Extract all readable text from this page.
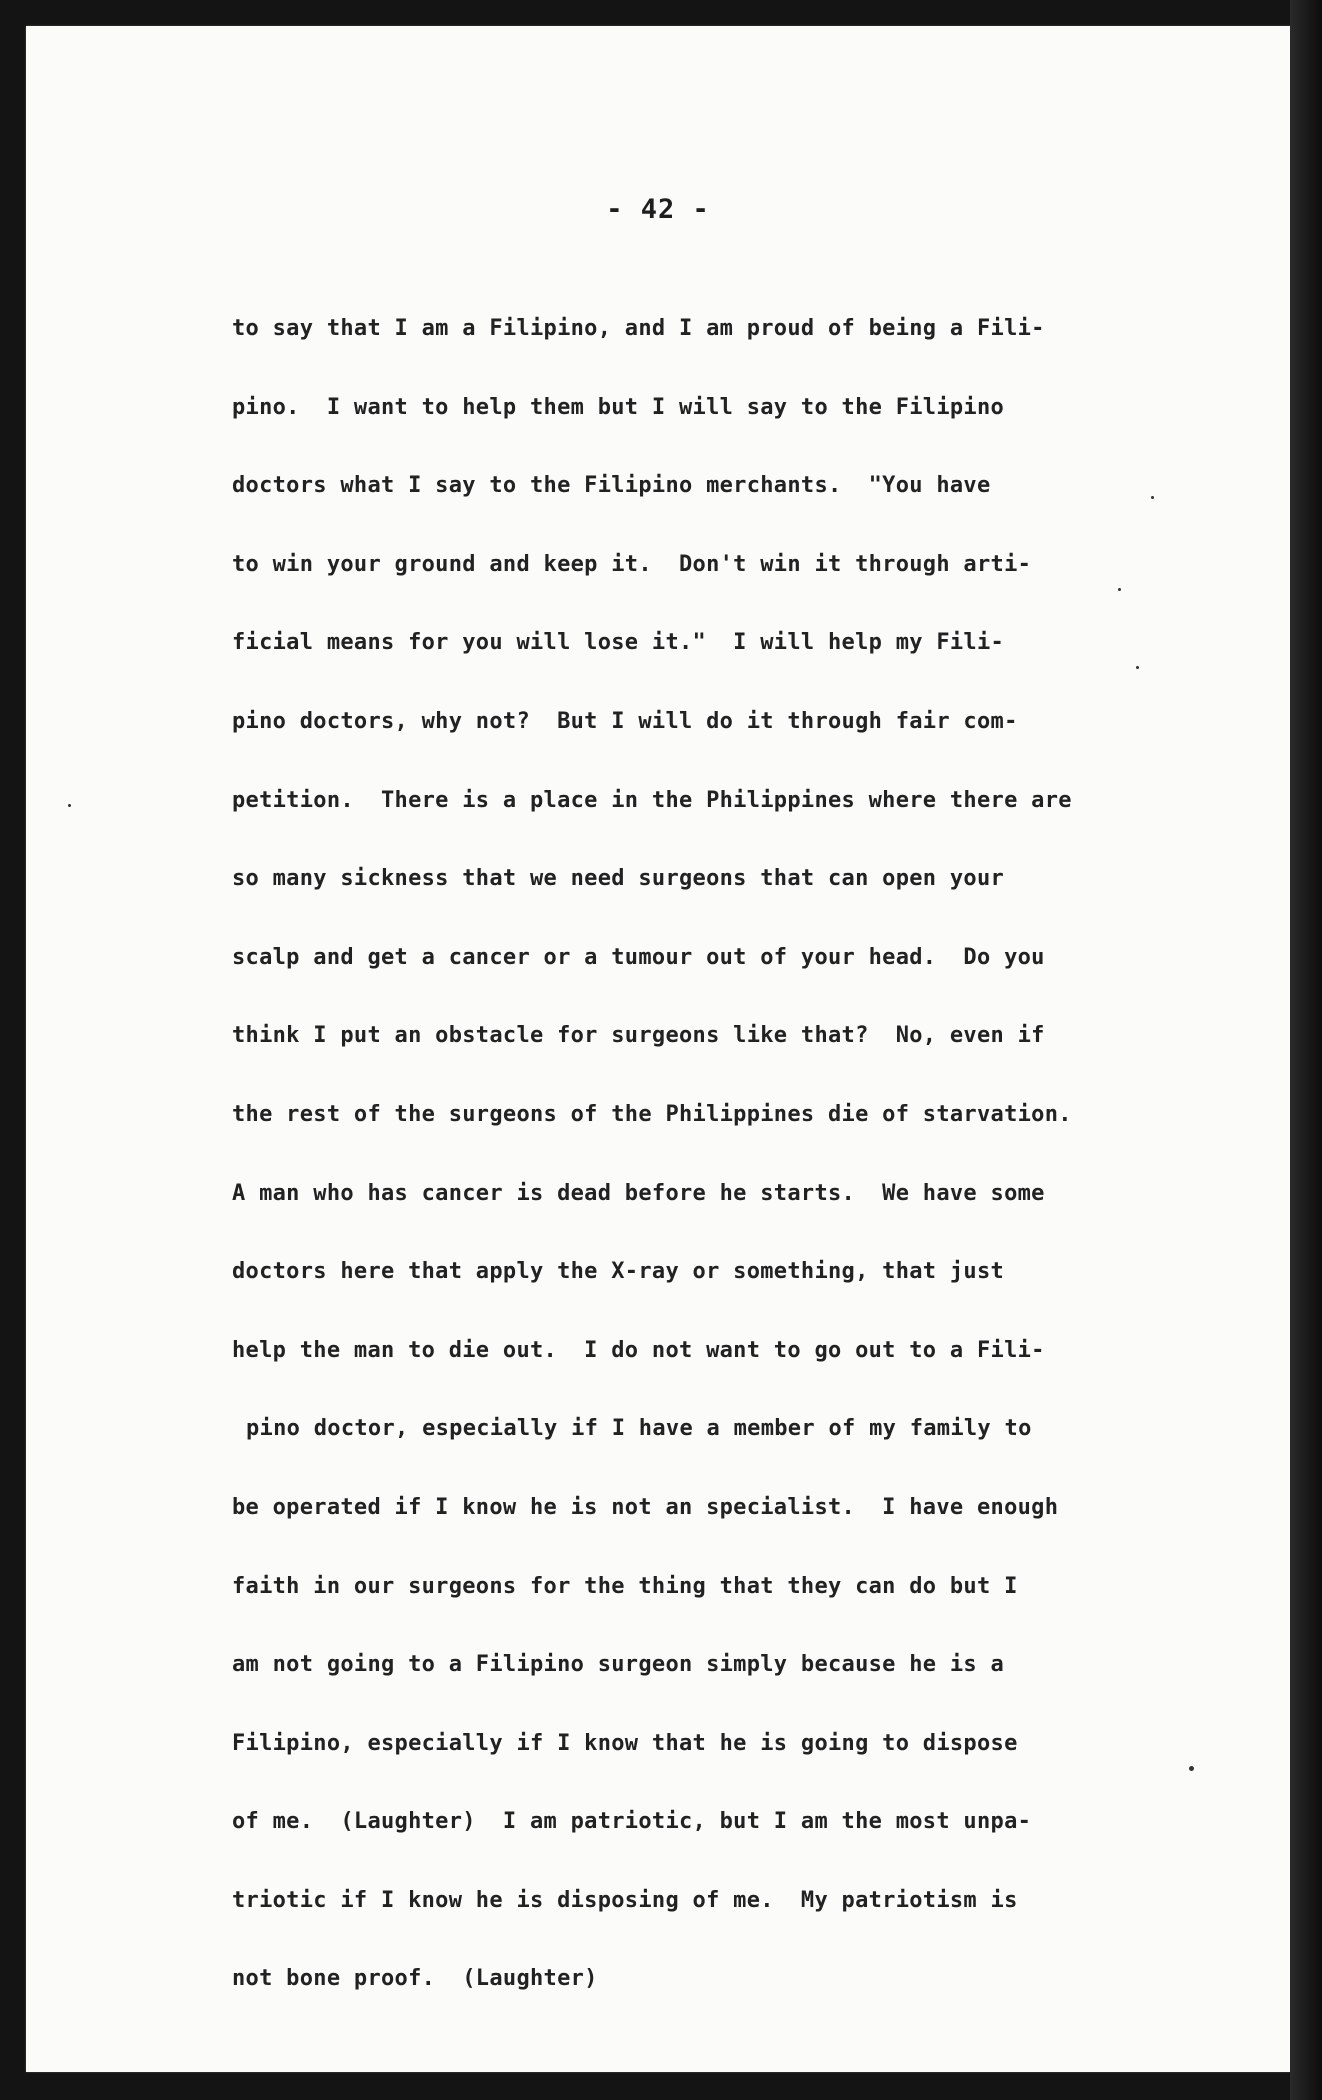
- 42 -
to say that I am a Filipino, and I am proud of being a Fili-
pino.  I want to help them but I will say to the Filipino
doctors what I say to the Filipino merchants.  "You have
to win your ground and keep it.  Don't win it through arti-
ficial means for you will lose it."  I will help my Fili-
pino doctors, why not?  But I will do it through fair com-
petition.  There is a place in the Philippines where there are
so many sickness that we need surgeons that can open your
scalp and get a cancer or a tumour out of your head.  Do you
think I put an obstacle for surgeons like that?  No, even if
the rest of the surgeons of the Philippines die of starvation.
A man who has cancer is dead before he starts.  We have some
doctors here that apply the X-ray or something, that just
help the man to die out.  I do not want to go out to a Fili-
pino doctor, especially if I have a member of my family to
be operated if I know he is not an specialist.  I have enough
faith in our surgeons for the thing that they can do but I
am not going to a Filipino surgeon simply because he is a
Filipino, especially if I know that he is going to dispose
of me.  (Laughter)  I am patriotic, but I am the most unpa-
triotic if I know he is disposing of me.  My patriotism is
not bone proof.  (Laughter)
